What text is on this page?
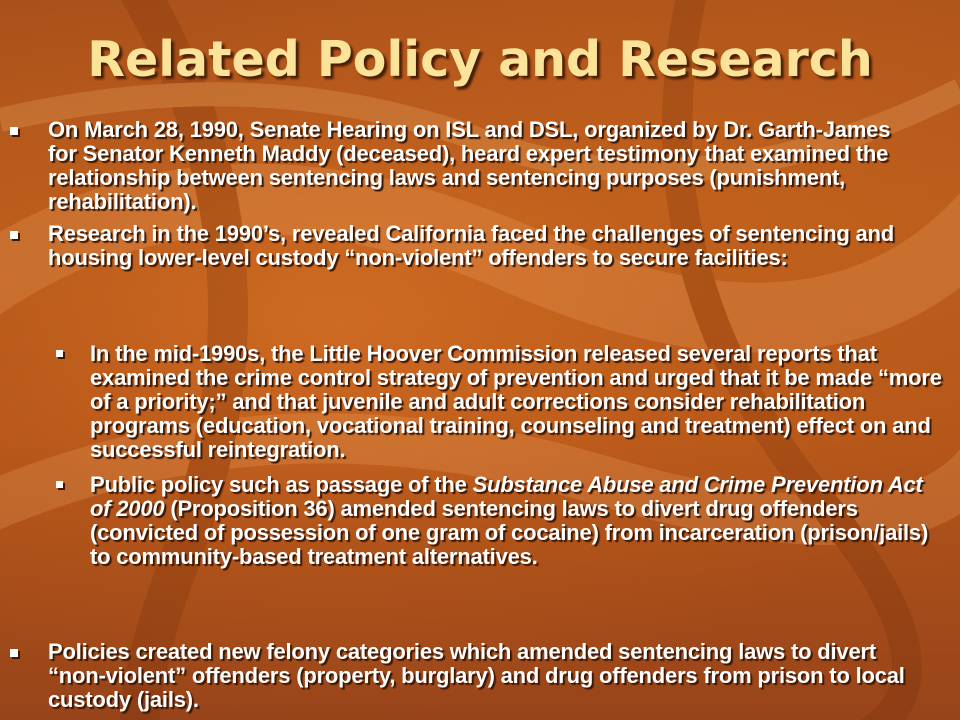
Related Policy and Research
On March 28, 1990, Senate Hearing on ISL and DSL, organized by Dr. Garth-James for Senator Kenneth Maddy (deceased), heard expert testimony that examined the relationship between sentencing laws and sentencing purposes (punishment, rehabilitation).
Research in the 1990’s, revealed California faced the challenges of sentencing and housing lower-level custody “non-violent” offenders to secure facilities:
In the mid-1990s, the Little Hoover Commission released several reports that examined the crime control strategy of prevention and urged that it be made “more of a priority;” and that juvenile and adult corrections consider rehabilitation programs (education, vocational training, counseling and treatment) effect on and successful reintegration.
Public policy such as passage of the Substance Abuse and Crime Prevention Act of 2000 (Proposition 36) amended sentencing laws to divert drug offenders (convicted of possession of one gram of cocaine) from incarceration (prison/jails) to community-based treatment alternatives.
Policies created new felony categories which amended sentencing laws to divert “non-violent” offenders (property, burglary) and drug offenders from prison to local custody (jails).
